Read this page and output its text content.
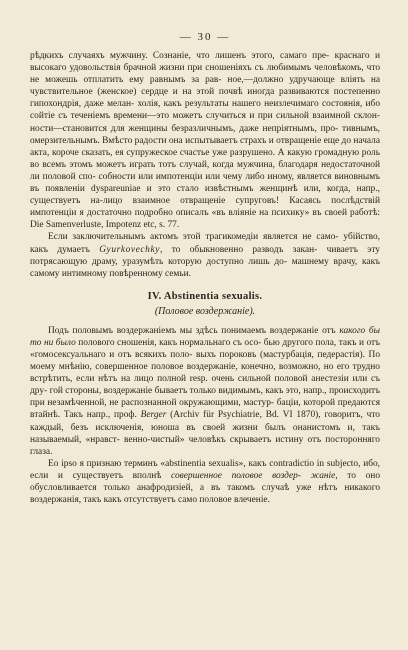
— 30 —

рѣдкихъ случаяхъ мужчину. Сознаніе, что лишенъ этого, самаго пре- краснаго и высокаго удовольствія брачной жизни при сношеніяхъ съ любимымъ человѣкомъ, что не можешь отплатить ему равнымъ за рав- ное,—должно удручающе вліять на чувствительное (женское) сердце и на этой почвѣ иногда развиваются постепенно гипохондрія, даже мелан- холія, какъ результаты нашего неизлечимаго состоянія, ибо сойтіе съ теченіемъ времени—это можетъ случиться и при сильной взаимной склон- ности—становится для женщины безразличнымъ, даже непріятнымъ, про- тивнымъ, омерзительнымъ. Вмѣсто радости она испытываетъ страхъ и отвращеніе еще до начала акта, короче сказать, ея супружеское счастье уже разрушено. А какую громадную роль во всемъ этомъ можетъ играть тотъ случай, когда мужчина, благодаря недостаточной ли половой спо- собности или импотенціи или чему либо иному, является виновнымъ въ появленіи dyspareuniae и это стало извѣстнымъ женщинѣ или, когда, напр., существуетъ на-лицо взаимное отвращеніе супруговъ! Касаясь послѣдствій импотенціи я достаточно подробно описалъ «въ вліяніе на психику» въ своей работѣ: Die Samenverluste, Impotenz etc, s. 77.

Если заключительнымъ актомъ этой трагикомедіи является не само- убійство, какъ думаетъ Gyurkovechky, то обыкновенно разводъ закан- чиваетъ эту потрясающую драму, уразумѣть которую доступно лишь до- машнему врачу, какъ самому интимному повѣренному семьи.

IV. Abstinentia sexualis.
(Половое воздержаніе).

Подъ половымъ воздержаніемъ мы здѣсь понимаемъ воздержаніе отъ какого бы то ни было полового сношенія, какъ нормальнаго съ осо- бью другого пола, такъ и отъ «гомосексуальнаго и отъ всякихъ поло- выхъ пороковъ (мастурбація, педерастія). По моему мнѣнію, совершенное половое воздержаніе, конечно, возможно, но его трудно встрѣтить, если нѣтъ на лицо полной resp. очень сильной половой анестезіи или съ дру- гой стороны, воздержаніе бываетъ только видимымъ, какъ это, напр., происходитъ при незамѣченной, не распознанной окружающими, мастур- баціи, которой предаются втайнѣ. Такъ напр., проф. Berger (Archiv für Psychiatrie, Bd. VI 1870), говоритъ, что каждый, безъ исключенія, юноша въ своей жизни былъ онанистомъ и, такъ называемый, «нравст- венно-чистый» человѣкъ скрываетъ истину отъ посторонняго глаза.

Ео ipso я признаю терминъ «abstinentia sexualis», какъ contradictio in subjecto, ибо, если и существуетъ вполнѣ совершенное половое воздер- жаніе, то оно обусловливается только анафродизіей, а въ такомъ случаѣ уже нѣтъ никакого воздержанія, такъ какъ отсутствуетъ само половое влеченіе.
